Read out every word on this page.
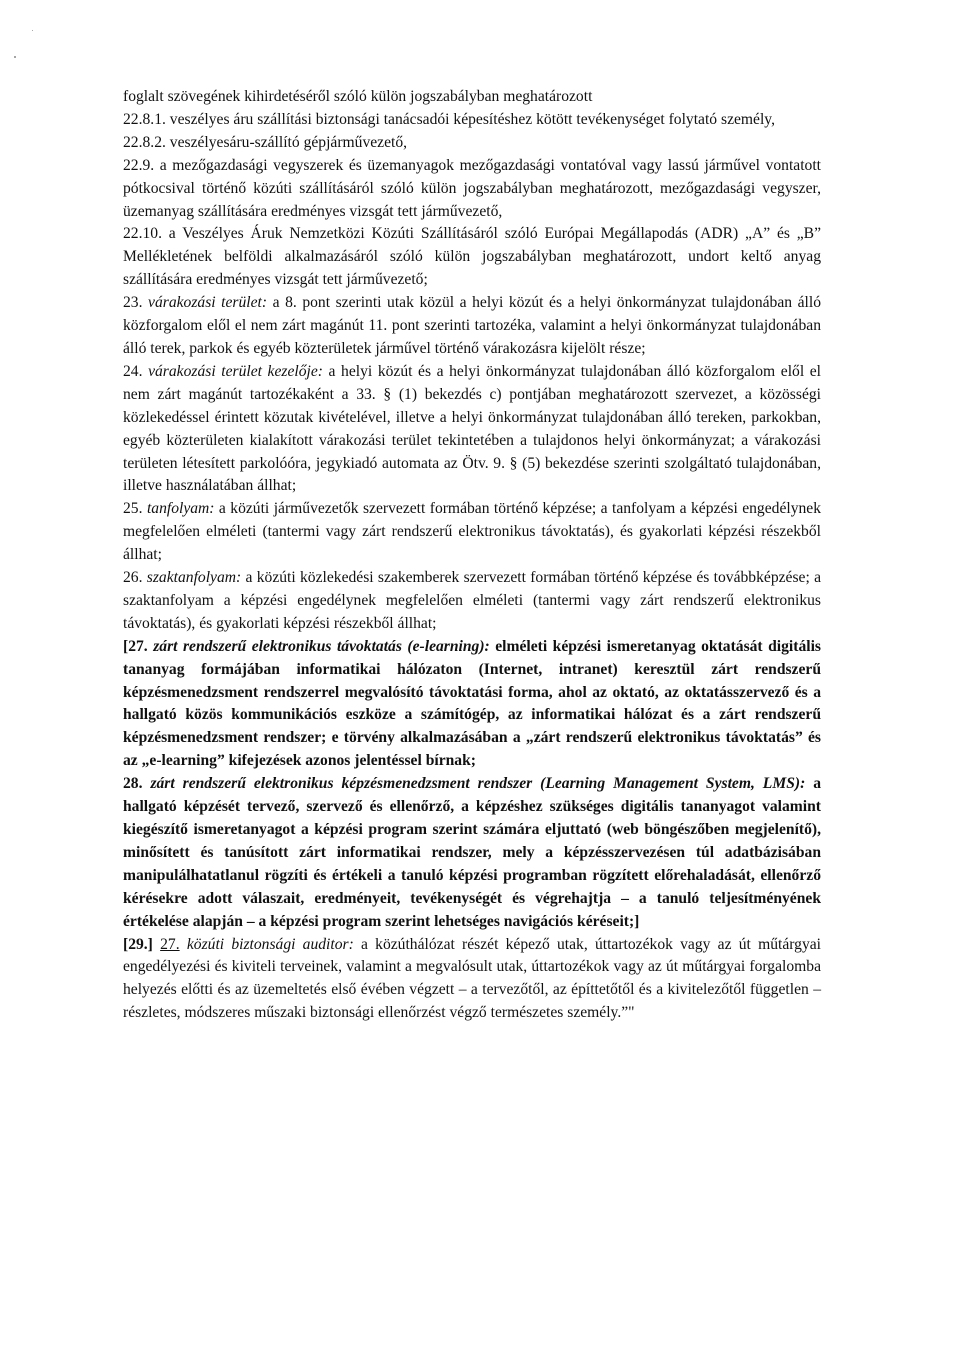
foglalt szövegének kihirdetéséről szóló külön jogszabályban meghatározott

22.8.1. veszélyes áru szállítási biztonsági tanácsadói képesítéshez kötött tevékenységet folytató személy,

22.8.2. veszélyesáru-szállító gépjárművezető,

22.9. a mezőgazdasági vegyszerek és üzemanyagok mezőgazdasági vontatóval vagy lassú járművel vontatott pótkocsival történő közúti szállításáról szóló külön jogszabályban meghatározott, mezőgazdasági vegyszer, üzemanyag szállítására eredményes vizsgát tett járművezető,

22.10. a Veszélyes Áruk Nemzetközi Közúti Szállításáról szóló Európai Megállapodás (ADR) „A” és „B” Mellékletének belföldi alkalmazásáról szóló külön jogszabályban meghatározott, undort keltő anyag szállítására eredményes vizsgát tett járművezető;

23. várakozási terület: a 8. pont szerinti utak közül a helyi közút és a helyi önkormányzat tulajdonában álló közforgalom elől el nem zárt magánút 11. pont szerinti tartozéka, valamint a helyi önkormányzat tulajdonában álló terek, parkok és egyéb közterületek járművel történő várakozásra kijelölt része;

24. várakozási terület kezelője: a helyi közút és a helyi önkormányzat tulajdonában álló közforgalom elől el nem zárt magánút tartozékaként a 33. § (1) bekezdés c) pontjában meghatározott szervezet, a közösségi közlekedéssel érintett közutak kivételével, illetve a helyi önkormányzat tulajdonában álló tereken, parkokban, egyéb közterületen kialakított várakozási terület tekintetében a tulajdonos helyi önkormányzat; a várakozási területen létesített parkolóóra, jegykiadó automata az Ötv. 9. § (5) bekezdése szerinti szolgáltató tulajdonában, illetve használatában állhat;

25. tanfolyam: a közúti járművezetők szervezett formában történő képzése; a tanfolyam a képzési engedélynek megfelelően elméleti (tantermi vagy zárt rendszerű elektronikus távoktatás), és gyakorlati képzési részekből állhat;

26. szaktanfolyam: a közúti közlekedési szakemberek szervezett formában történő képzése és továbbképzése; a szaktanfolyam a képzési engedélynek megfelelően elméleti (tantermi vagy zárt rendszerű elektronikus távoktatás), és gyakorlati képzési részekből állhat;

[27. zárt rendszerű elektronikus távoktatás (e-learning): elméleti képzési ismeretanyag oktatását digitális tananyag formájában informatikai hálózaton (Internet, intranet) keresztül zárt rendszerű képzésmenedzsment rendszerrel megvalósító távoktatási forma, ahol az oktató, az oktatásszervező és a hallgató közös kommunikációs eszköze a számítógép, az informatikai hálózat és a zárt rendszerű képzésmenedzsment rendszer; e törvény alkalmazásában a „zárt rendszerű elektronikus távoktatás” és az „e-learning” kifejezések azonos jelentéssel bírnak;

28. zárt rendszerű elektronikus képzésmenedzsment rendszer (Learning Management System, LMS): a hallgató képzését tervező, szervező és ellenőrző, a képzéshez szükséges digitális tananyagot valamint kiegészítő ismeretanyagot a képzési program szerint számára eljuttató (web böngészőben megjelenítő), minősített és tanúsított zárt informatikai rendszer, mely a képzésszervezésen túl adatbázisában manipulálhatatlanul rögzíti és értékeli a tanuló képzési programban rögzített előrehaladását, ellenőrző kérésekre adott válaszait, eredményeit, tevékenységét és végrehajtja – a tanuló teljesítményének értékelése alapján – a képzési program szerint lehetséges navigációs kéréseit;]

[29.] 27. közúti biztonsági auditor: a közúthálózat részét képező utak, úttartozékok vagy az út műtárgyai engedélyezési és kiviteli terveinek, valamint a megvalósult utak, úttartozékok vagy az út műtárgyai forgalomba helyezés előtti és az üzemeltetés első évében végzett – a tervezőtől, az építtetőtől és a kivitelezőtől független – részletes, módszeres műszaki biztonsági ellenőrzést végző természetes személy.”"
